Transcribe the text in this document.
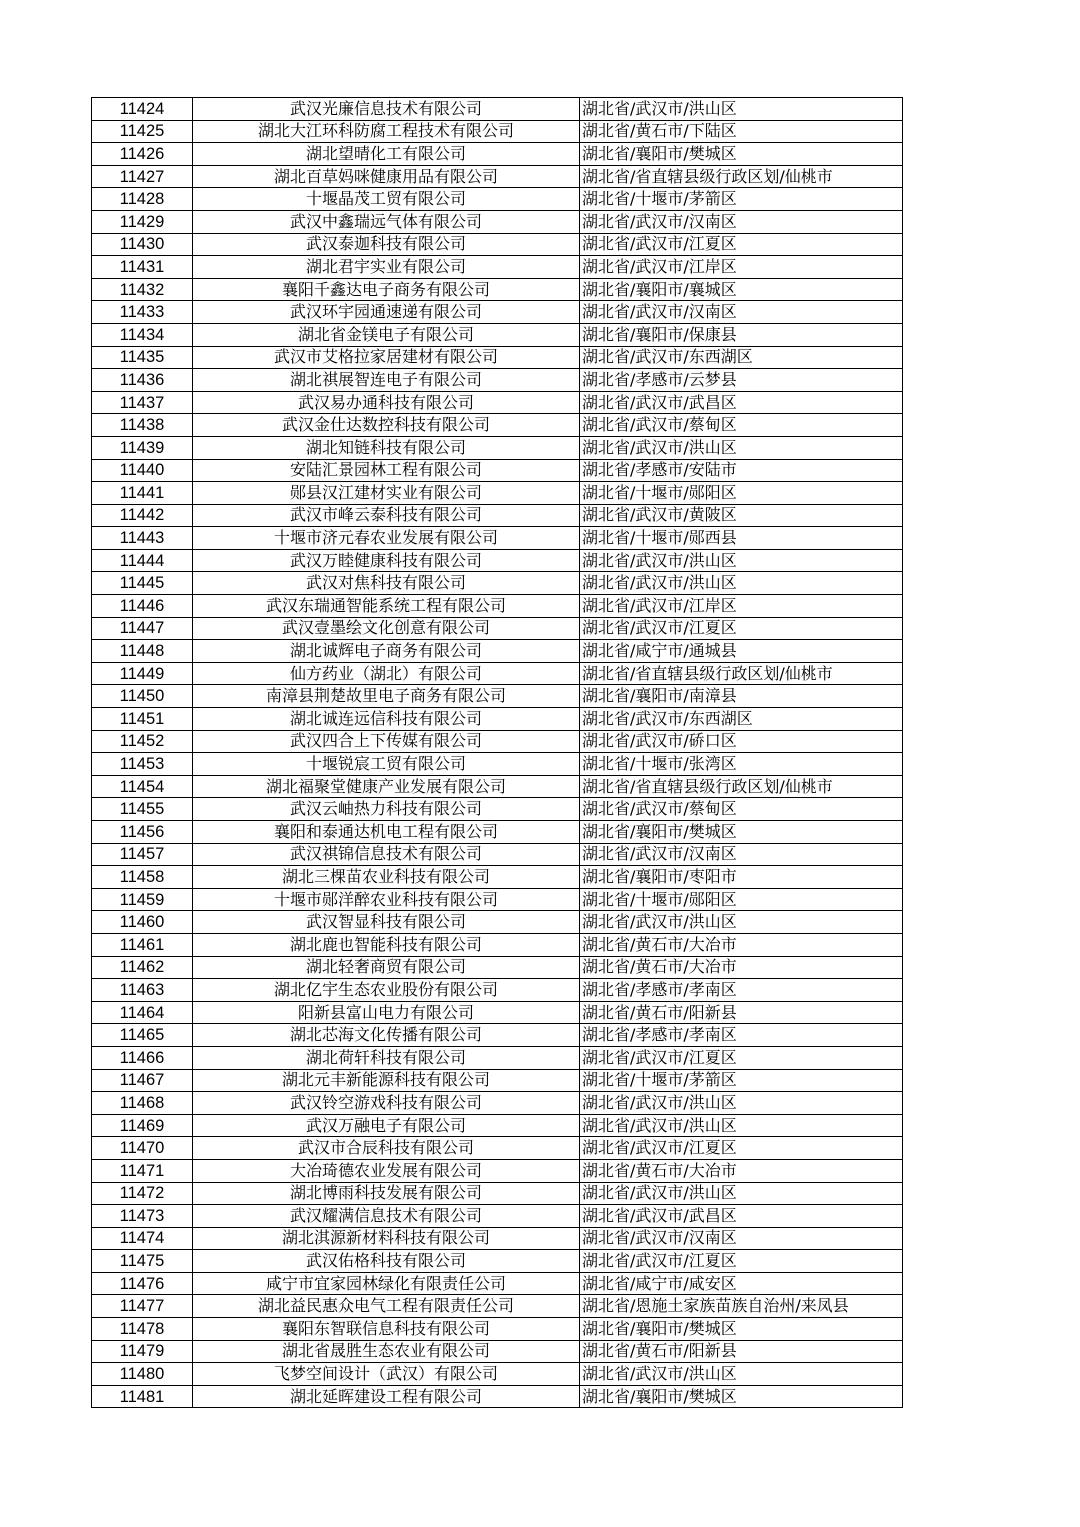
11424	武汉光廉信息技术有限公司	湖北省/武汉市/洪山区
11425	湖北大江环科防腐工程技术有限公司	湖北省/黄石市/下陆区
11426	湖北望晴化工有限公司	湖北省/襄阳市/樊城区
11427	湖北百草妈咪健康用品有限公司	湖北省/省直辖县级行政区划/仙桃市
11428	十堰晶茂工贸有限公司	湖北省/十堰市/茅箭区
11429	武汉中鑫瑞远气体有限公司	湖北省/武汉市/汉南区
11430	武汉泰迦科技有限公司	湖北省/武汉市/江夏区
11431	湖北君宇实业有限公司	湖北省/武汉市/江岸区
11432	襄阳千鑫达电子商务有限公司	湖北省/襄阳市/襄城区
11433	武汉环宇园通速递有限公司	湖北省/武汉市/汉南区
11434	湖北省金镁电子有限公司	湖北省/襄阳市/保康县
11435	武汉市艾格拉家居建材有限公司	湖北省/武汉市/东西湖区
11436	湖北祺展智连电子有限公司	湖北省/孝感市/云梦县
11437	武汉易办通科技有限公司	湖北省/武汉市/武昌区
11438	武汉金仕达数控科技有限公司	湖北省/武汉市/蔡甸区
11439	湖北知链科技有限公司	湖北省/武汉市/洪山区
11440	安陆汇景园林工程有限公司	湖北省/孝感市/安陆市
11441	郧县汉江建材实业有限公司	湖北省/十堰市/郧阳区
11442	武汉市峰云泰科技有限公司	湖北省/武汉市/黄陂区
11443	十堰市济元春农业发展有限公司	湖北省/十堰市/郧西县
11444	武汉万睦健康科技有限公司	湖北省/武汉市/洪山区
11445	武汉对焦科技有限公司	湖北省/武汉市/洪山区
11446	武汉东瑞通智能系统工程有限公司	湖北省/武汉市/江岸区
11447	武汉壹墨绘文化创意有限公司	湖北省/武汉市/江夏区
11448	湖北诚辉电子商务有限公司	湖北省/咸宁市/通城县
11449	仙方药业（湖北）有限公司	湖北省/省直辖县级行政区划/仙桃市
11450	南漳县荆楚故里电子商务有限公司	湖北省/襄阳市/南漳县
11451	湖北诚连远信科技有限公司	湖北省/武汉市/东西湖区
11452	武汉四合上下传媒有限公司	湖北省/武汉市/硚口区
11453	十堰锐宸工贸有限公司	湖北省/十堰市/张湾区
11454	湖北福聚堂健康产业发展有限公司	湖北省/省直辖县级行政区划/仙桃市
11455	武汉云岫热力科技有限公司	湖北省/武汉市/蔡甸区
11456	襄阳和泰通达机电工程有限公司	湖北省/襄阳市/樊城区
11457	武汉祺锦信息技术有限公司	湖北省/武汉市/汉南区
11458	湖北三棵苗农业科技有限公司	湖北省/襄阳市/枣阳市
11459	十堰市郧洋醉农业科技有限公司	湖北省/十堰市/郧阳区
11460	武汉智显科技有限公司	湖北省/武汉市/洪山区
11461	湖北鹿也智能科技有限公司	湖北省/黄石市/大冶市
11462	湖北轻奢商贸有限公司	湖北省/黄石市/大冶市
11463	湖北亿宇生态农业股份有限公司	湖北省/孝感市/孝南区
11464	阳新县富山电力有限公司	湖北省/黄石市/阳新县
11465	湖北芯海文化传播有限公司	湖北省/孝感市/孝南区
11466	湖北荷轩科技有限公司	湖北省/武汉市/江夏区
11467	湖北元丰新能源科技有限公司	湖北省/十堰市/茅箭区
11468	武汉铃空游戏科技有限公司	湖北省/武汉市/洪山区
11469	武汉万融电子有限公司	湖北省/武汉市/洪山区
11470	武汉市合辰科技有限公司	湖北省/武汉市/江夏区
11471	大冶琦德农业发展有限公司	湖北省/黄石市/大冶市
11472	湖北博雨科技发展有限公司	湖北省/武汉市/洪山区
11473	武汉耀满信息技术有限公司	湖北省/武汉市/武昌区
11474	湖北淇源新材料科技有限公司	湖北省/武汉市/汉南区
11475	武汉佑格科技有限公司	湖北省/武汉市/江夏区
11476	咸宁市宜家园林绿化有限责任公司	湖北省/咸宁市/咸安区
11477	湖北益民惠众电气工程有限责任公司	湖北省/恩施土家族苗族自治州/来凤县
11478	襄阳东智联信息科技有限公司	湖北省/襄阳市/樊城区
11479	湖北省晟胜生态农业有限公司	湖北省/黄石市/阳新县
11480	飞梦空间设计（武汉）有限公司	湖北省/武汉市/洪山区
11481	湖北延晖建设工程有限公司	湖北省/襄阳市/樊城区
